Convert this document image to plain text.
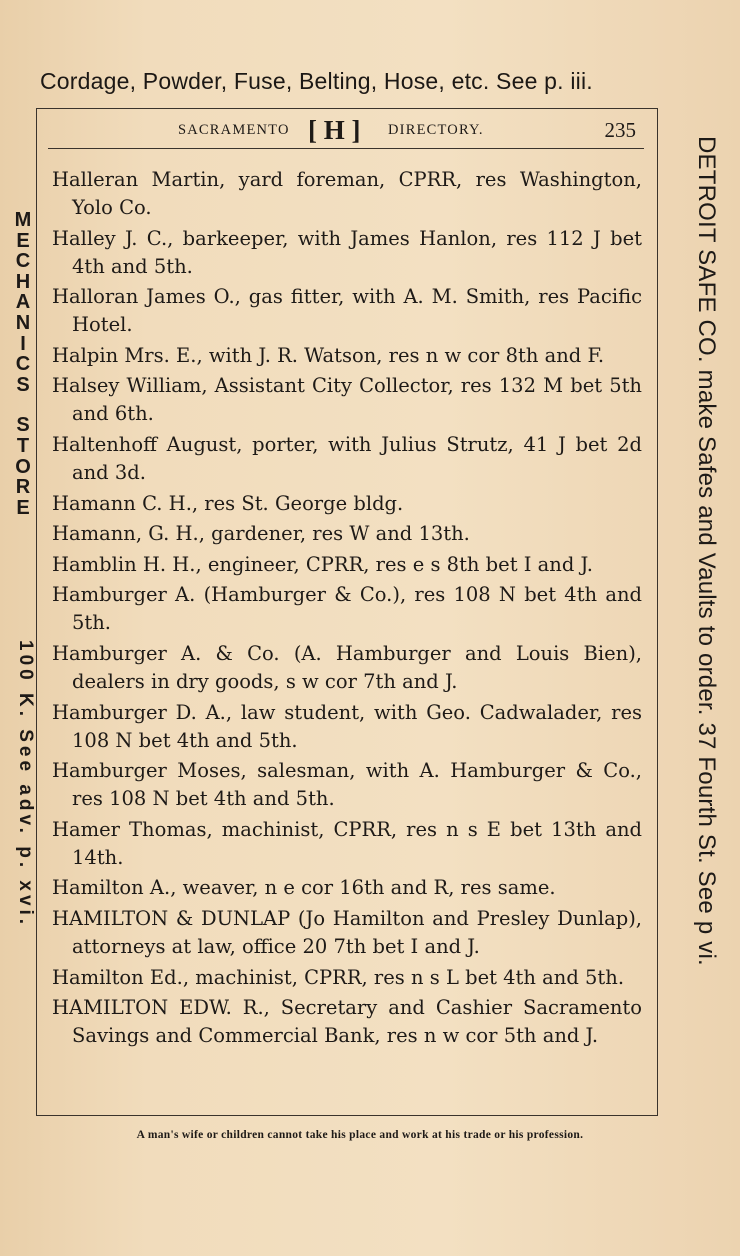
Cordage, Powder, Fuse, Belting, Hose, etc. See p. iii.
SACRAMENTO [ H ] DIRECTORY.	235

Halleran Martin, yard foreman, CPRR, res Washington, Yolo Co.

Halley J. C., barkeeper, with James Hanlon, res 112 J bet 4th and 5th.

Halloran James O., gas fitter, with A. M. Smith, res Pacific Hotel.

Halpin Mrs. E., with J. R. Watson, res n w cor 8th and F.

Halsey William, Assistant City Collector, res 132 M bet 5th and 6th.

Haltenhoff August, porter, with Julius Strutz, 41 J bet 2d and 3d.

Hamann C. H., res St. George bldg.

Hamann, G. H., gardener, res W and 13th.

Hamblin H. H., engineer, CPRR, res e s 8th bet I and J.

Hamburger A. (Hamburger & Co.), res 108 N bet 4th and 5th.

Hamburger A. & Co. (A. Hamburger and Louis Bien), dealers in dry goods, s w cor 7th and J.

Hamburger D. A., law student, with Geo. Cadwalader, res 108 N bet 4th and 5th.

Hamburger Moses, salesman, with A. Hamburger & Co., res 108 N bet 4th and 5th.

Hamer Thomas, machinist, CPRR, res n s E bet 13th and 14th.

Hamilton A., weaver, n e cor 16th and R, res same.

HAMILTON & DUNLAP (Jo Hamilton and Presley Dunlap), attorneys at law, office 20 7th bet I and J.

Hamilton Ed., machinist, CPRR, res n s L bet 4th and 5th.

HAMILTON EDW. R., Secretary and Cashier Sacramento Savings and Commercial Bank, res n w cor 5th and J.

M
E
C
H
A
N
I
C
S

S
T
O
R
E
100 K. See adv. p. xvi.	DETROIT SAFE CO. make Safes and Vaults to order. 37 Fourth St. See p vi.
A man's wife or children cannot take his place and work at his trade or his profession.
